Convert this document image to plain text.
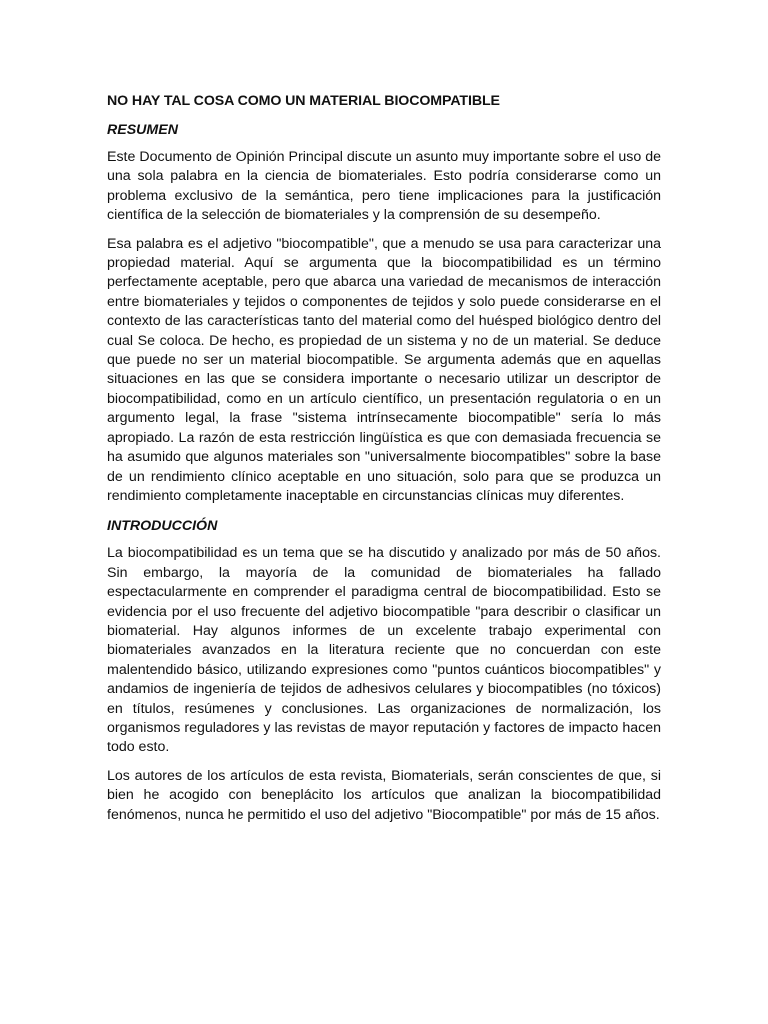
NO HAY TAL COSA COMO UN MATERIAL BIOCOMPATIBLE
RESUMEN

Este Documento de Opinión Principal discute un asunto muy importante sobre el uso de una sola palabra en la ciencia de biomateriales. Esto podría considerarse como un problema exclusivo de la semántica, pero tiene implicaciones para la justificación científica de la selección de biomateriales y la comprensión de su desempeño.

Esa palabra es el adjetivo "biocompatible", que a menudo se usa para caracterizar una propiedad material. Aquí se argumenta que la biocompatibilidad es un término perfectamente aceptable, pero que abarca una variedad de mecanismos de interacción entre biomateriales y tejidos o componentes de tejidos y solo puede considerarse en el contexto de las características tanto del material como del huésped biológico dentro del cual Se coloca. De hecho, es propiedad de un sistema y no de un material. Se deduce que puede no ser un material biocompatible. Se argumenta además que en aquellas situaciones en las que se considera importante o necesario utilizar un descriptor de biocompatibilidad, como en un artículo científico, un presentación regulatoria o en un argumento legal, la frase "sistema intrínsecamente biocompatible" sería lo más apropiado. La razón de esta restricción lingüística es que con demasiada frecuencia se ha asumido que algunos materiales son "universalmente biocompatibles" sobre la base de un rendimiento clínico aceptable en uno situación, solo para que se produzca un rendimiento completamente inaceptable en circunstancias clínicas muy diferentes.

INTRODUCCIÓN

La biocompatibilidad es un tema que se ha discutido y analizado por más de 50 años. Sin embargo, la mayoría de la comunidad de biomateriales ha fallado espectacularmente en comprender el paradigma central de biocompatibilidad. Esto se evidencia por el uso frecuente del adjetivo biocompatible "para describir o clasificar un biomaterial. Hay algunos informes de un excelente trabajo experimental con biomateriales avanzados en la literatura reciente que no concuerdan con este malentendido básico, utilizando expresiones como "puntos cuánticos biocompatibles" y andamios de ingeniería de tejidos de adhesivos celulares y biocompatibles (no tóxicos) en títulos, resúmenes y conclusiones. Las organizaciones de normalización, los organismos reguladores y las revistas de mayor reputación y factores de impacto hacen todo esto.

Los autores de los artículos de esta revista, Biomaterials, serán conscientes de que, si bien he acogido con beneplácito los artículos que analizan la biocompatibilidad fenómenos, nunca he permitido el uso del adjetivo "Biocompatible" por más de 15 años.
